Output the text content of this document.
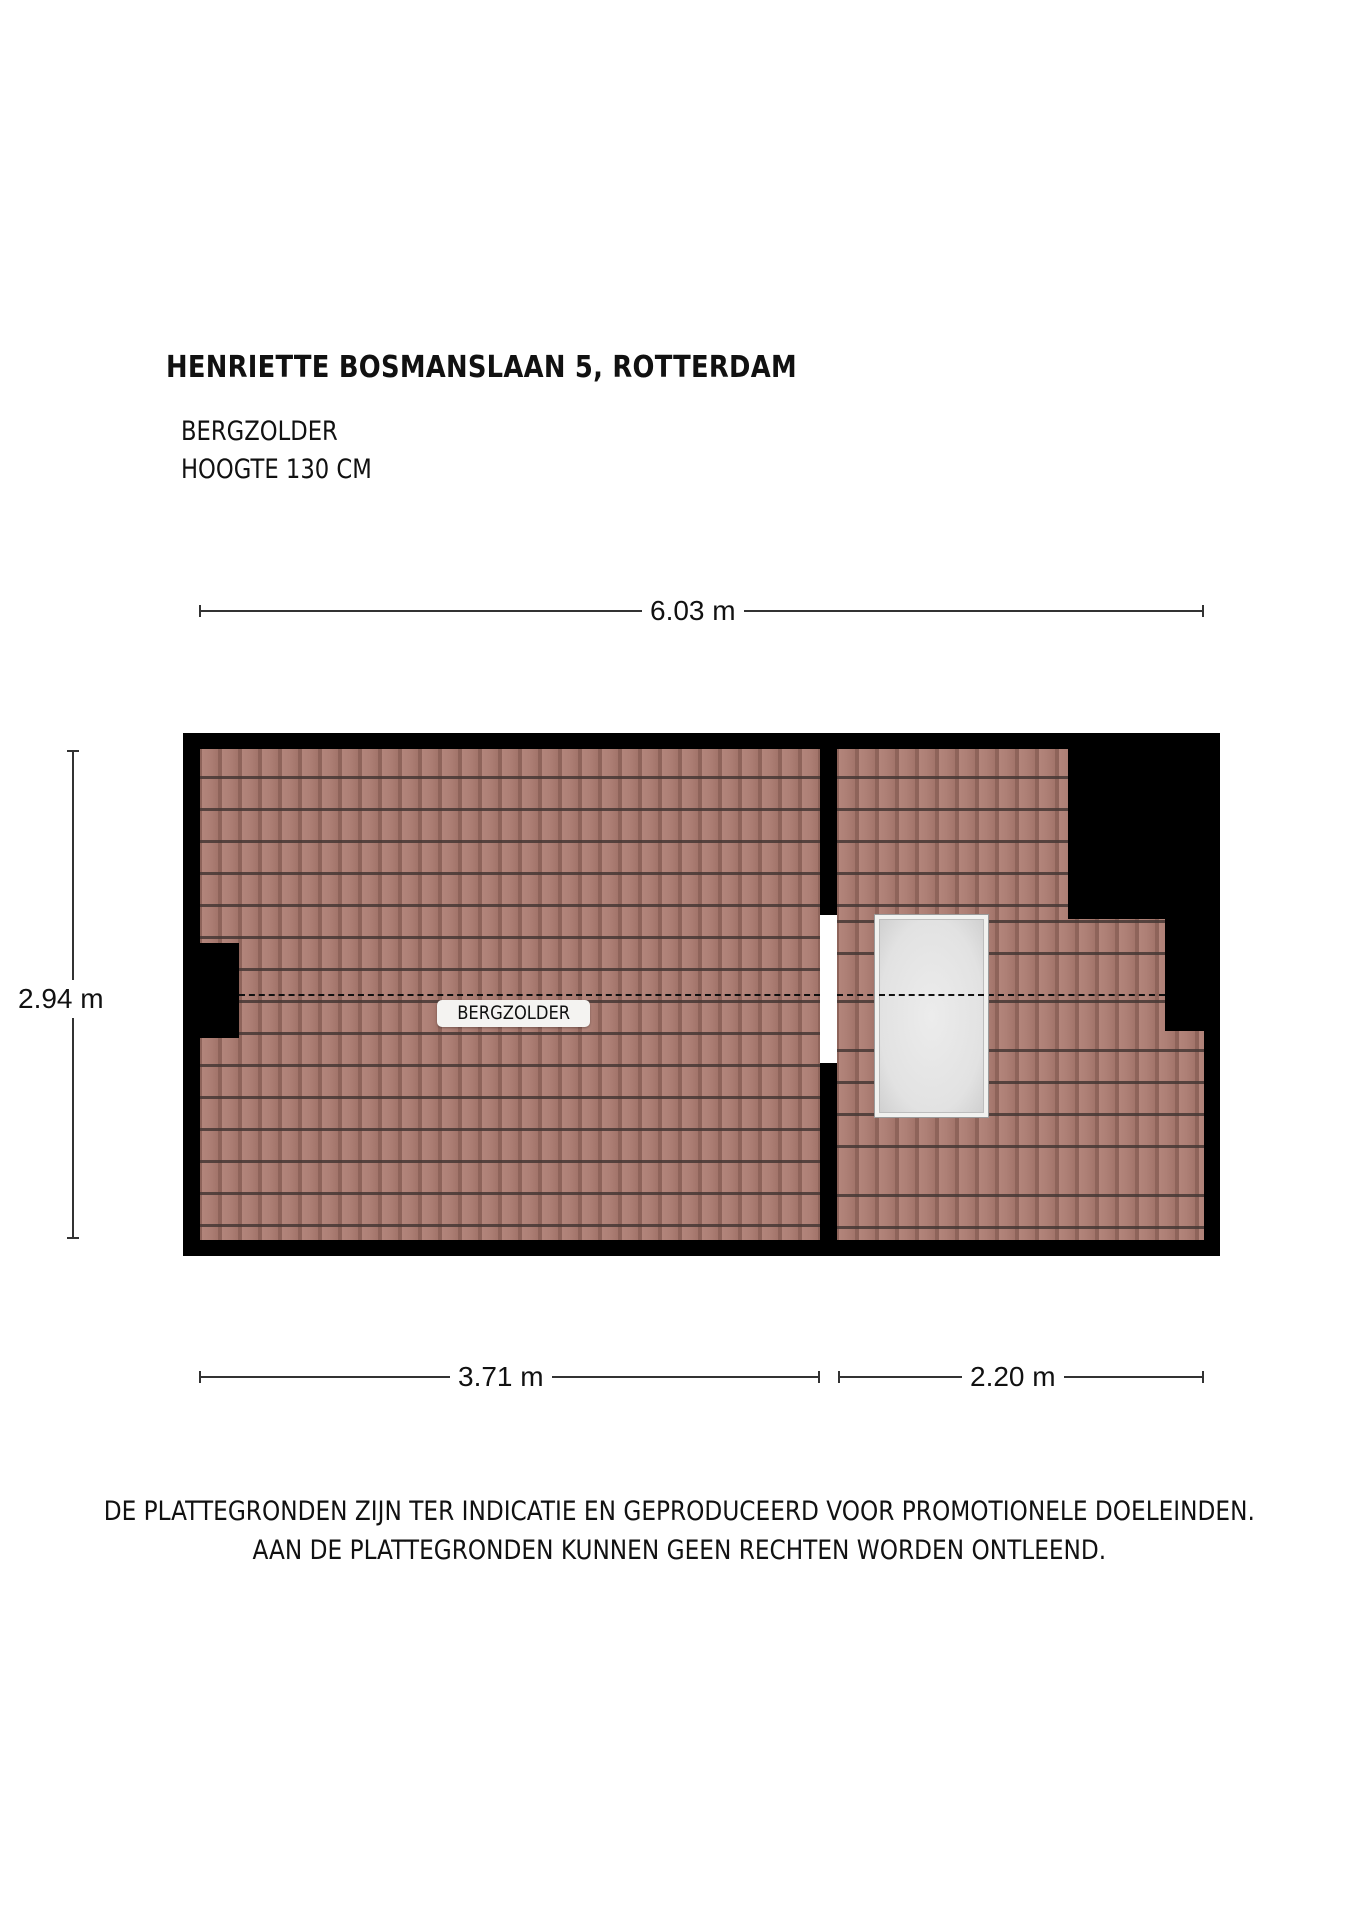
HENRIETTE BOSMANSLAAN 5, ROTTERDAM
BERGZOLDER
HOOGTE 130 CM
6.03 m
2.94 m	BERGZOLDER
3.71 m	2.20 m
DE PLATTEGRONDEN ZIJN TER INDICATIE EN GEPRODUCEERD VOOR PROMOTIONELE DOELEINDEN.
AAN DE PLATTEGRONDEN KUNNEN GEEN RECHTEN WORDEN ONTLEEND.
